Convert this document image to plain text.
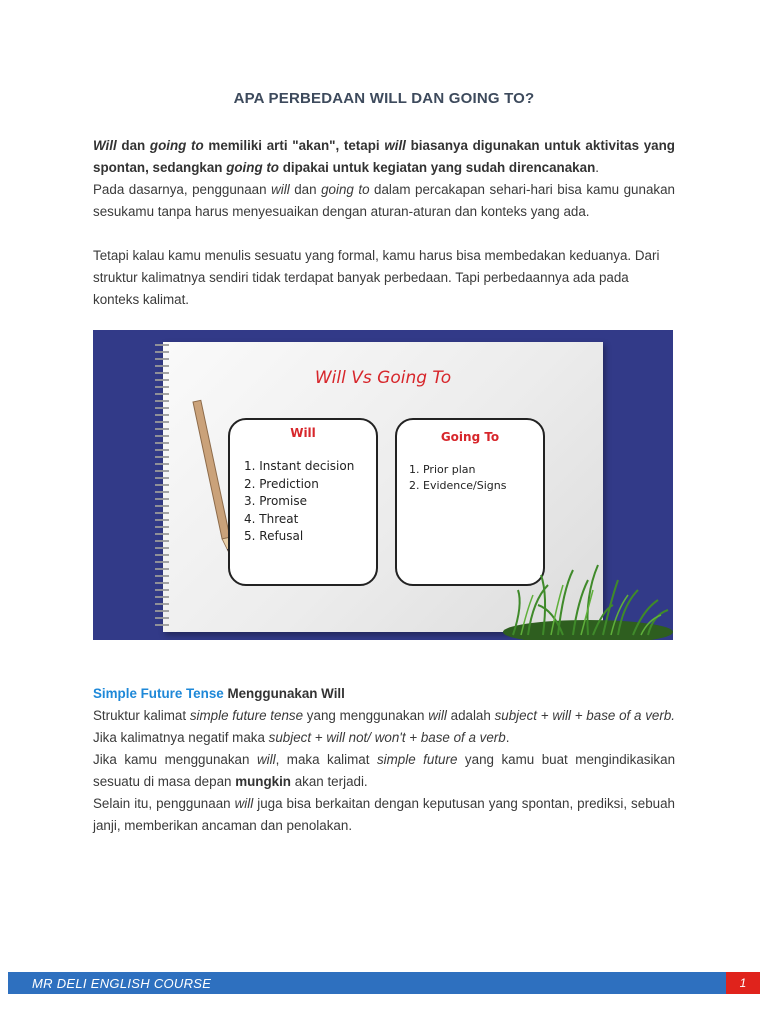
APA PERBEDAAN WILL DAN GOING TO?
Will dan going to memiliki arti "akan", tetapi will biasanya digunakan untuk aktivitas yang spontan, sedangkan going to dipakai untuk kegiatan yang sudah direncanakan.
Pada dasarnya, penggunaan will dan going to dalam percakapan sehari-hari bisa kamu gunakan sesukamu tanpa harus menyesuaikan dengan aturan-aturan dan konteks yang ada.
Tetapi kalau kamu menulis sesuatu yang formal, kamu harus bisa membedakan keduanya. Dari struktur kalimatnya sendiri tidak terdapat banyak perbedaan. Tapi perbedaannya ada pada konteks kalimat.
Will Vs Going To
Will
1. Instant decision
2. Prediction
3. Promise
4. Threat
5. Refusal
Going To
1. Prior plan
2. Evidence/Signs
Simple Future Tense Menggunakan Will
Struktur kalimat simple future tense yang menggunakan will adalah subject + will + base of a verb. Jika kalimatnya negatif maka subject + will not/ won't + base of a verb.
Jika kamu menggunakan will, maka kalimat simple future yang kamu buat mengindikasikan sesuatu di masa depan mungkin akan terjadi.
Selain itu, penggunaan will juga bisa berkaitan dengan keputusan yang spontan, prediksi, sebuah janji, memberikan ancaman dan penolakan.
MR DELI ENGLISH COURSE	1
